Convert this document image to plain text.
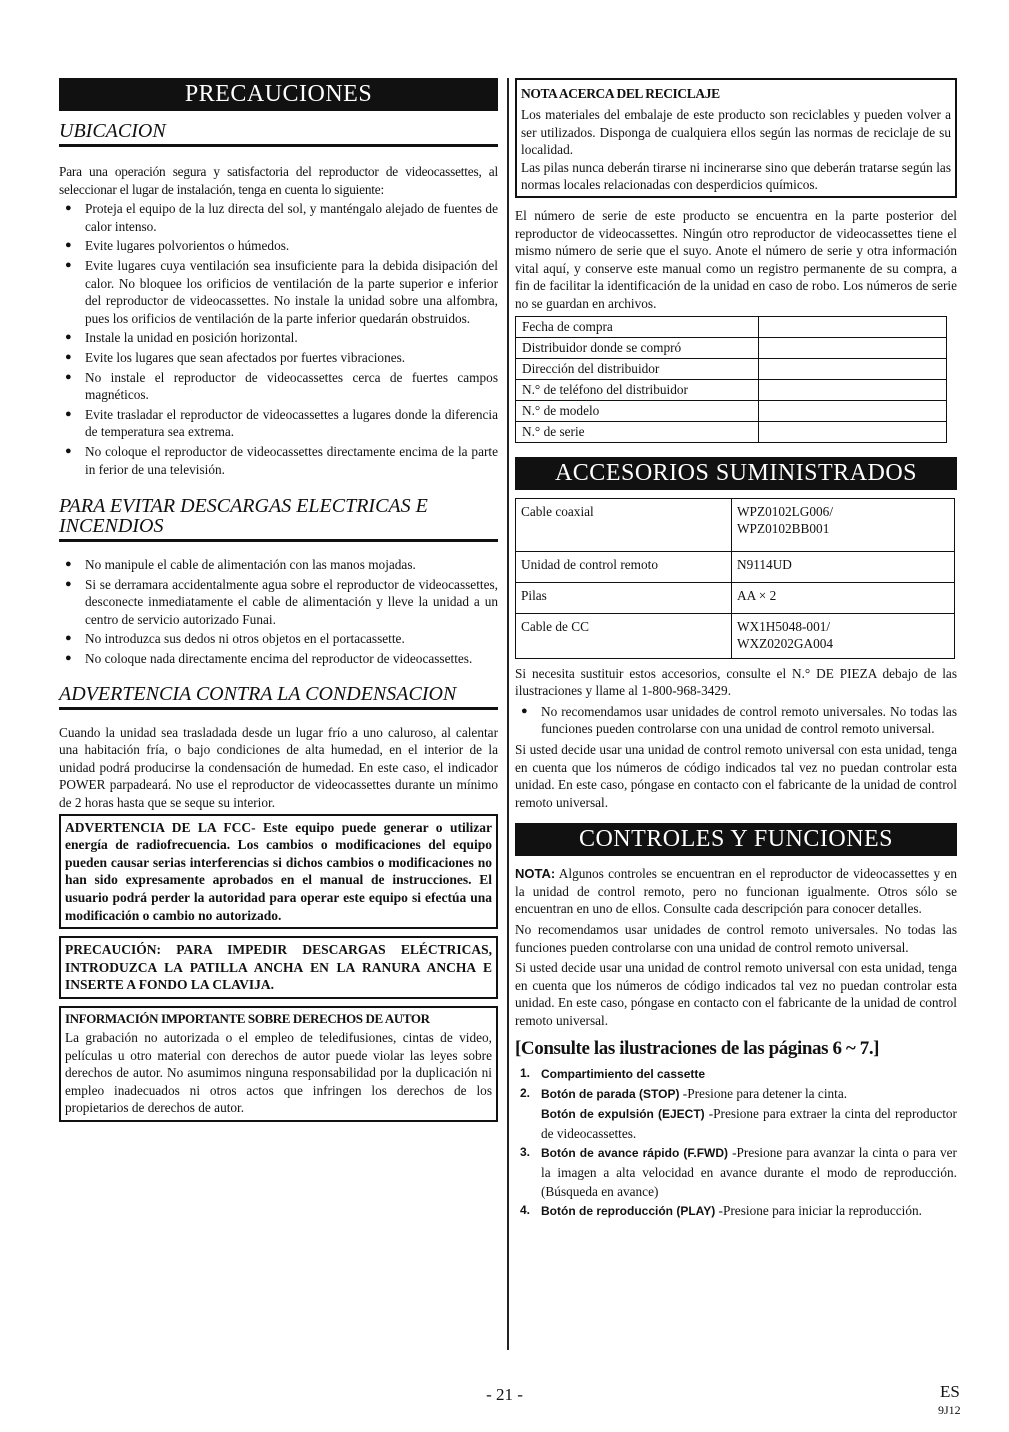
PRECAUCIONES
UBICACION

Para una operación segura y satisfactoria del reproductor de videocassettes, al seleccionar el lugar de instalación, tenga en cuenta lo siguiente:

● Proteja el equipo de la luz directa del sol, y manténgalo alejado de fuentes de calor intenso.
● Evite lugares polvorientos o húmedos.
● Evite lugares cuya ventilación sea insuficiente para la debida disipación del calor. No bloquee los orificios de ventilación de la parte superior e inferior del reproductor de videocassettes. No instale la unidad sobre una alfombra, pues los orificios de ventilación de la parte inferior quedarán obstruidos.
● Instale la unidad en posición horizontal.
● Evite los lugares que sean afectados por fuertes vibraciones.
● No instale el reproductor de videocassettes cerca de fuertes campos magnéticos.
● Evite trasladar el reproductor de videocassettes a lugares donde la diferencia de temperatura sea extrema.
● No coloque el reproductor de videocassettes directamente encima de la parte in ferior de una televisión.
PARA EVITAR DESCARGAS ELECTRICAS E INCENDIOS
● No manipule el cable de alimentación con las manos mojadas.
● Si se derramara accidentalmente agua sobre el reproductor de videocassettes, desconecte inmediatamente el cable de alimentación y lleve la unidad a un centro de servicio autorizado Funai.
● No introduzca sus dedos ni otros objetos en el portacassette.
● No coloque nada directamente encima del reproductor de videocassettes.
ADVERTENCIA CONTRA LA CONDENSACION

Cuando la unidad sea trasladada desde un lugar frío a uno caluroso, al calentar una habitación fría, o bajo condiciones de alta humedad, en el interior de la unidad podrá producirse la condensación de humedad. En este caso, el indicador POWER parpadeará. No use el reproductor de videocassettes durante un mínimo de 2 horas hasta que se seque su interior.

ADVERTENCIA DE LA FCC- Este equipo puede generar o utilizar energía de radiofrecuencia. Los cambios o modificaciones del equipo pueden causar serias interferencias si dichos cambios o modificaciones no han sido expresamente aprobados en el manual de instrucciones. El usuario podrá perder la autoridad para operar este equipo si efectúa una modificación o cambio no autorizado.

PRECAUCIÓN: PARA IMPEDIR DESCARGAS ELÉCTRICAS, INTRODUZCA LA PATILLA ANCHA EN LA RANURA ANCHA E INSERTE A FONDO LA CLAVIJA.

INFORMACIÓN IMPORTANTE SOBRE DERECHOS DE AUTOR

La grabación no autorizada o el empleo de teledifusiones, cintas de video, películas u otro material con derechos de autor puede violar las leyes sobre derechos de autor. No asumimos ninguna responsabilidad por la duplicación ni empleo inadecuados ni otros actos que infringen los derechos de los propietarios de derechos de autor.

NOTA ACERCA DEL RECICLAJE

Los materiales del embalaje de este producto son reciclables y pueden volver a ser utilizados. Disponga de cualquiera ellos según las normas de reciclaje de su localidad.

Las pilas nunca deberán tirarse ni incinerarse sino que deberán tratarse según las normas locales relacionadas con desperdicios químicos.

El número de serie de este producto se encuentra en la parte posterior del reproductor de videocassettes. Ningún otro reproductor de videocassettes tiene el mismo número de serie que el suyo. Anote el número de serie y otra información vital aquí, y conserve este manual como un registro permanente de su compra, a fin de facilitar la identificación de la unidad en caso de robo. Los números de serie no se guardan en archivos.

Fecha de compra	
Distribuidor donde se compró	
Dirección del distribuidor	
N.° de teléfono del distribuidor	
N.° de modelo	
N.° de serie	
ACCESORIOS SUMINISTRADOS
Cable coaxial	WPZ0102LG006/
WPZ0102BB001

Unidad de control remoto	N9114UD
Pilas	AA × 2
Cable de CC	WX1H5048-001/
WXZ0202GA004

Si necesita sustituir estos accesorios, consulte el N.° DE PIEZA debajo de las ilustraciones y llame al 1-800-968-3429.

● No recomendamos usar unidades de control remoto universales. No todas las funciones pueden controlarse con una unidad de control remoto universal.

Si usted decide usar una unidad de control remoto universal con esta unidad, tenga en cuenta que los números de código indicados tal vez no puedan controlar esta unidad. En este caso, póngase en contacto con el fabricante de la unidad de control remoto universal.

CONTROLES Y FUNCIONES

NOTA: Algunos controles se encuentran en el reproductor de videocassettes y en la unidad de control remoto, pero no funcionan igualmente. Otros sólo se encuentran en uno de ellos. Consulte cada descripción para conocer detalles.

No recomendamos usar unidades de control remoto universales. No todas las funciones pueden controlarse con una unidad de control remoto universal.

Si usted decide usar una unidad de control remoto universal con esta unidad, tenga en cuenta que los números de código indicados tal vez no puedan controlar esta unidad. En este caso, póngase en contacto con el fabricante de la unidad de control remoto universal.

[Consulte las ilustraciones de las páginas 6 ~ 7.]
1. Compartimiento del cassette
2. Botón de parada (STOP) -Presione para detener la cinta.
Botón de expulsión (EJECT) -Presione para extraer la cinta del reproductor de videocassettes.
3. Botón de avance rápido (F.FWD) -Presione para avanzar la cinta o para ver la imagen a alta velocidad en avance durante el modo de reproducción. (Búsqueda en avance)
4. Botón de reproducción (PLAY) -Presione para iniciar la reproducción.
- 21 -	ES
9J12
